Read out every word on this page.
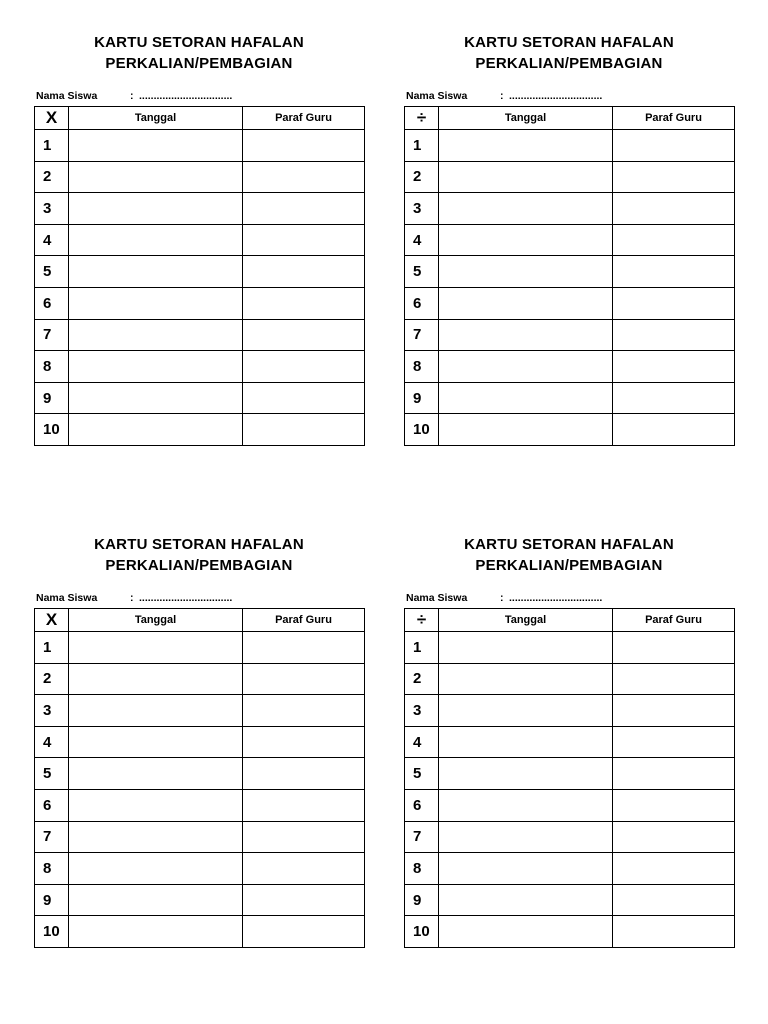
KARTU SETORAN HAFALAN
PERKALIAN/PEMBAGIAN
Nama Siswa	: ................................
X	Tanggal	Paraf Guru
1		
2		
3		
4		
5		
6		
7		
8		
9		
10		
KARTU SETORAN HAFALAN
PERKALIAN/PEMBAGIAN
Nama Siswa	: ................................
÷	Tanggal	Paraf Guru
1		
2		
3		
4		
5		
6		
7		
8		
9		
10		
KARTU SETORAN HAFALAN
PERKALIAN/PEMBAGIAN
Nama Siswa	: ................................
X	Tanggal	Paraf Guru
1		
2		
3		
4		
5		
6		
7		
8		
9		
10		
KARTU SETORAN HAFALAN
PERKALIAN/PEMBAGIAN
Nama Siswa	: ................................
÷	Tanggal	Paraf Guru
1		
2		
3		
4		
5		
6		
7		
8		
9		
10		
